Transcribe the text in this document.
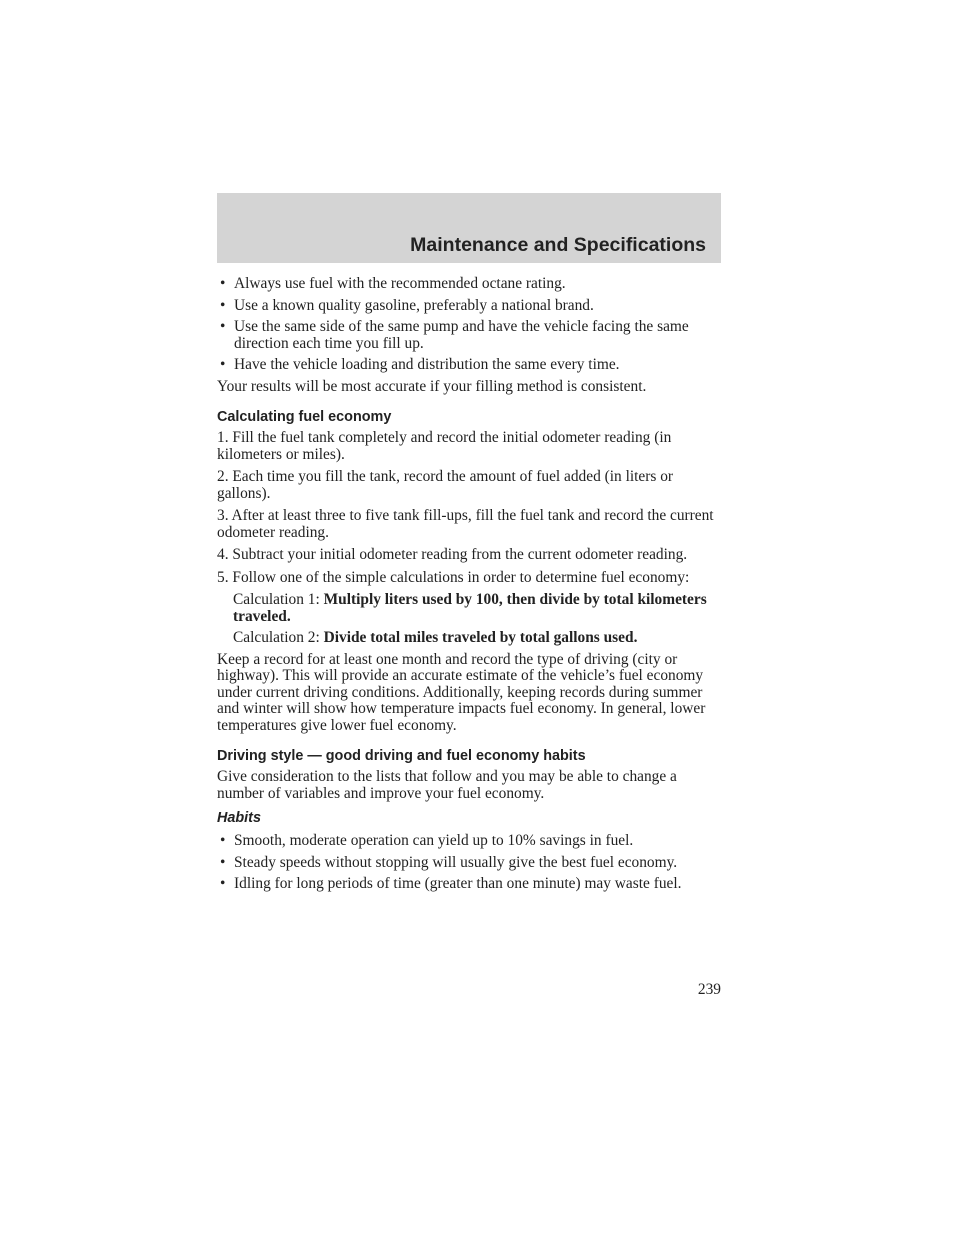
Maintenance and Specifications
• Always use fuel with the recommended octane rating.
• Use a known quality gasoline, preferably a national brand.
• Use the same side of the same pump and have the vehicle facing the same direction each time you fill up.
• Have the vehicle loading and distribution the same every time.

Your results will be most accurate if your filling method is consistent.

Calculating fuel economy

1. Fill the fuel tank completely and record the initial odometer reading (in kilometers or miles).

2. Each time you fill the tank, record the amount of fuel added (in liters or gallons).

3. After at least three to five tank fill-ups, fill the fuel tank and record the current odometer reading.

4. Subtract your initial odometer reading from the current odometer reading.

5. Follow one of the simple calculations in order to determine fuel economy:

Calculation 1: Multiply liters used by 100, then divide by total kilometers traveled.
Calculation 2: Divide total miles traveled by total gallons used.

Keep a record for at least one month and record the type of driving (city or highway). This will provide an accurate estimate of the vehicle’s fuel economy under current driving conditions. Additionally, keeping records during summer and winter will show how temperature impacts fuel economy. In general, lower temperatures give lower fuel economy.

Driving style — good driving and fuel economy habits

Give consideration to the lists that follow and you may be able to change a number of variables and improve your fuel economy.

Habits
• Smooth, moderate operation can yield up to 10% savings in fuel.
• Steady speeds without stopping will usually give the best fuel economy.
• Idling for long periods of time (greater than one minute) may waste fuel.
239
